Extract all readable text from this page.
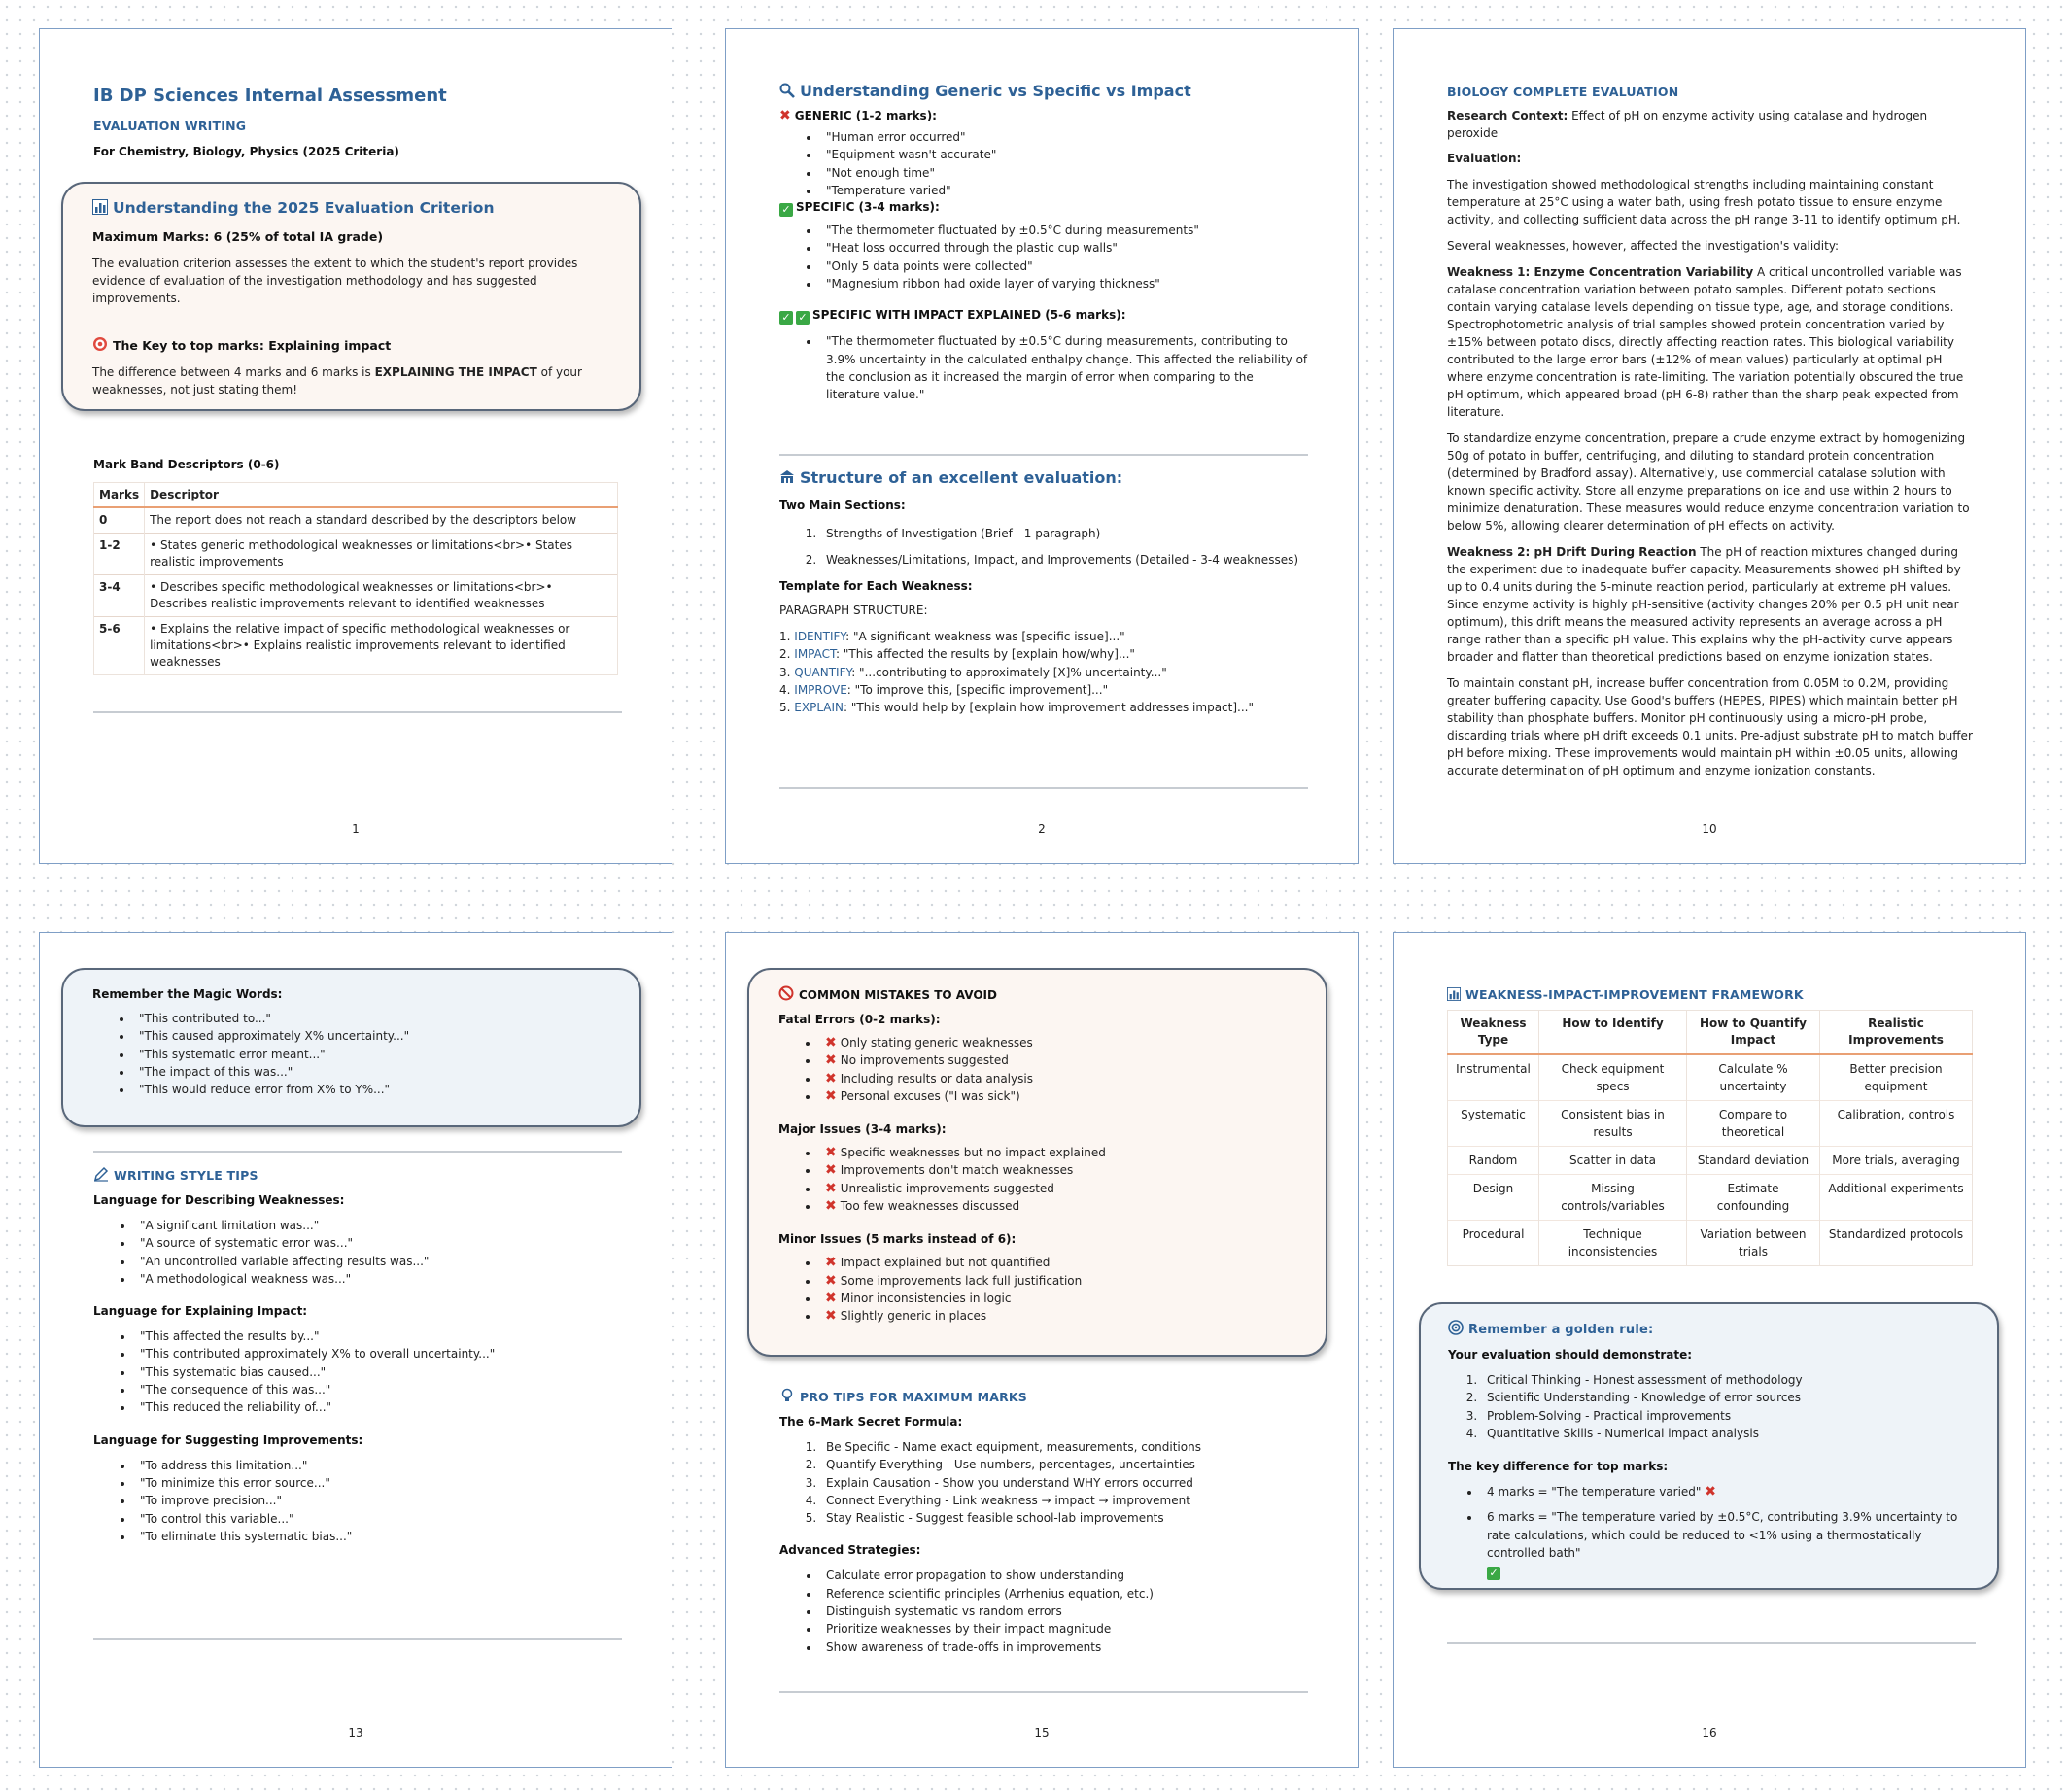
IB DP Sciences Internal Assessment
EVALUATION WRITING
For Chemistry, Biology, Physics (2025 Criteria)
Understanding the 2025 Evaluation Criterion
Maximum Marks: 6 (25% of total IA grade)
The evaluation criterion assesses the extent to which the student's report provides evidence of evaluation of the investigation methodology and has suggested improvements.
The Key to top marks: Explaining impact
The difference between 4 marks and 6 marks is EXPLAINING THE IMPACT of your weaknesses, not just stating them!
Mark Band Descriptors (0-6)
Marks	Descriptor
0	The report does not reach a standard described by the descriptors below
1-2	• States generic methodological weaknesses or limitations<br>• States realistic improvements
3-4	• Describes specific methodological weaknesses or limitations<br>• Describes realistic improvements relevant to identified weaknesses
5-6	• Explains the relative impact of specific methodological weaknesses or limitations<br>• Explains realistic improvements relevant to identified weaknesses
1
Understanding Generic vs Specific vs Impact
✖ GENERIC (1-2 marks):
• "Human error occurred"
• "Equipment wasn't accurate"
• "Not enough time"
• "Temperature varied"
✓ SPECIFIC (3-4 marks):
• "The thermometer fluctuated by ±0.5°C during measurements"
• "Heat loss occurred through the plastic cup walls"
• "Only 5 data points were collected"
• "Magnesium ribbon had oxide layer of varying thickness"
✓ ✓ SPECIFIC WITH IMPACT EXPLAINED (5-6 marks):
• "The thermometer fluctuated by ±0.5°C during measurements, contributing to 3.9% uncertainty in the calculated enthalpy change. This affected the reliability of the conclusion as it increased the margin of error when comparing to the literature value."
Structure of an excellent evaluation:
Two Main Sections:
1. Strengths of Investigation (Brief - 1 paragraph)
2. Weaknesses/Limitations, Impact, and Improvements (Detailed - 3-4 weaknesses)
Template for Each Weakness:
PARAGRAPH STRUCTURE:
1. IDENTIFY: "A significant weakness was [specific issue]..."
2. IMPACT: "This affected the results by [explain how/why]..."
3. QUANTIFY: "...contributing to approximately [X]% uncertainty..."
4. IMPROVE: "To improve this, [specific improvement]..."
5. EXPLAIN: "This would help by [explain how improvement addresses impact]..."
2
BIOLOGY COMPLETE EVALUATION
Research Context: Effect of pH on enzyme activity using catalase and hydrogen peroxide
Evaluation:

The investigation showed methodological strengths including maintaining constant temperature at 25°C using a water bath, using fresh potato tissue to ensure enzyme activity, and collecting sufficient data across the pH range 3-11 to identify optimum pH.

Several weaknesses, however, affected the investigation's validity:

Weakness 1: Enzyme Concentration Variability A critical uncontrolled variable was catalase concentration variation between potato samples. Different potato sections contain varying catalase levels depending on tissue type, age, and storage conditions. Spectrophotometric analysis of trial samples showed protein concentration varied by ±15% between potato discs, directly affecting reaction rates. This biological variability contributed to the large error bars (±12% of mean values) particularly at optimal pH where enzyme concentration is rate-limiting. The variation potentially obscured the true pH optimum, which appeared broad (pH 6-8) rather than the sharp peak expected from literature.

To standardize enzyme concentration, prepare a crude enzyme extract by homogenizing 50g of potato in buffer, centrifuging, and diluting to standard protein concentration (determined by Bradford assay). Alternatively, use commercial catalase solution with known specific activity. Store all enzyme preparations on ice and use within 2 hours to minimize denaturation. These measures would reduce enzyme concentration variation to below 5%, allowing clearer determination of pH effects on activity.

Weakness 2: pH Drift During Reaction The pH of reaction mixtures changed during the experiment due to inadequate buffer capacity. Measurements showed pH shifted by up to 0.4 units during the 5-minute reaction period, particularly at extreme pH values. Since enzyme activity is highly pH-sensitive (activity changes 20% per 0.5 pH unit near optimum), this drift means the measured activity represents an average across a pH range rather than a specific pH value. This explains why the pH-activity curve appears broader and flatter than theoretical predictions based on enzyme ionization states.

To maintain constant pH, increase buffer concentration from 0.05M to 0.2M, providing greater buffering capacity. Use Good's buffers (HEPES, PIPES) which maintain better pH stability than phosphate buffers. Monitor pH continuously using a micro-pH probe, discarding trials where pH drift exceeds 0.1 units. Pre-adjust substrate pH to match buffer pH before mixing. These improvements would maintain pH within ±0.05 units, allowing accurate determination of pH optimum and enzyme ionization constants.

10
Remember the Magic Words:
• "This contributed to..."
• "This caused approximately X% uncertainty..."
• "This systematic error meant..."
• "The impact of this was..."
• "This would reduce error from X% to Y%..."
WRITING STYLE TIPS
Language for Describing Weaknesses:
• "A significant limitation was..."
• "A source of systematic error was..."
• "An uncontrolled variable affecting results was..."
• "A methodological weakness was..."
Language for Explaining Impact:
• "This affected the results by..."
• "This contributed approximately X% to overall uncertainty..."
• "This systematic bias caused..."
• "The consequence of this was..."
• "This reduced the reliability of..."
Language for Suggesting Improvements:
• "To address this limitation..."
• "To minimize this error source..."
• "To improve precision..."
• "To control this variable..."
• "To eliminate this systematic bias..."
13
COMMON MISTAKES TO AVOID
Fatal Errors (0-2 marks):
• ✖ Only stating generic weaknesses
• ✖ No improvements suggested
• ✖ Including results or data analysis
• ✖ Personal excuses ("I was sick")
Major Issues (3-4 marks):
• ✖ Specific weaknesses but no impact explained
• ✖ Improvements don't match weaknesses
• ✖ Unrealistic improvements suggested
• ✖ Too few weaknesses discussed
Minor Issues (5 marks instead of 6):
• ✖ Impact explained but not quantified
• ✖ Some improvements lack full justification
• ✖ Minor inconsistencies in logic
• ✖ Slightly generic in places
PRO TIPS FOR MAXIMUM MARKS
The 6-Mark Secret Formula:
1. Be Specific - Name exact equipment, measurements, conditions
2. Quantify Everything - Use numbers, percentages, uncertainties
3. Explain Causation - Show you understand WHY errors occurred
4. Connect Everything - Link weakness → impact → improvement
5. Stay Realistic - Suggest feasible school-lab improvements
Advanced Strategies:
• Calculate error propagation to show understanding
• Reference scientific principles (Arrhenius equation, etc.)
• Distinguish systematic vs random errors
• Prioritize weaknesses by their impact magnitude
• Show awareness of trade-offs in improvements
15
WEAKNESS-IMPACT-IMPROVEMENT FRAMEWORK
Weakness Type	How to Identify	How to Quantify Impact	Realistic Improvements
Instrumental	Check equipment specs	Calculate % uncertainty	Better precision equipment
Systematic	Consistent bias in results	Compare to theoretical	Calibration, controls
Random	Scatter in data	Standard deviation	More trials, averaging
Design	Missing controls/variables	Estimate confounding	Additional experiments
Procedural	Technique inconsistencies	Variation between trials	Standardized protocols
Remember a golden rule:
Your evaluation should demonstrate:
1. Critical Thinking - Honest assessment of methodology
2. Scientific Understanding - Knowledge of error sources
3. Problem-Solving - Practical improvements
4. Quantitative Skills - Numerical impact analysis
The key difference for top marks:
• 4 marks = "The temperature varied" ✖
• 6 marks = "The temperature varied by ±0.5°C, contributing 3.9% uncertainty to rate calculations, which could be reduced to <1% using a thermostatically controlled bath"
✓
16
